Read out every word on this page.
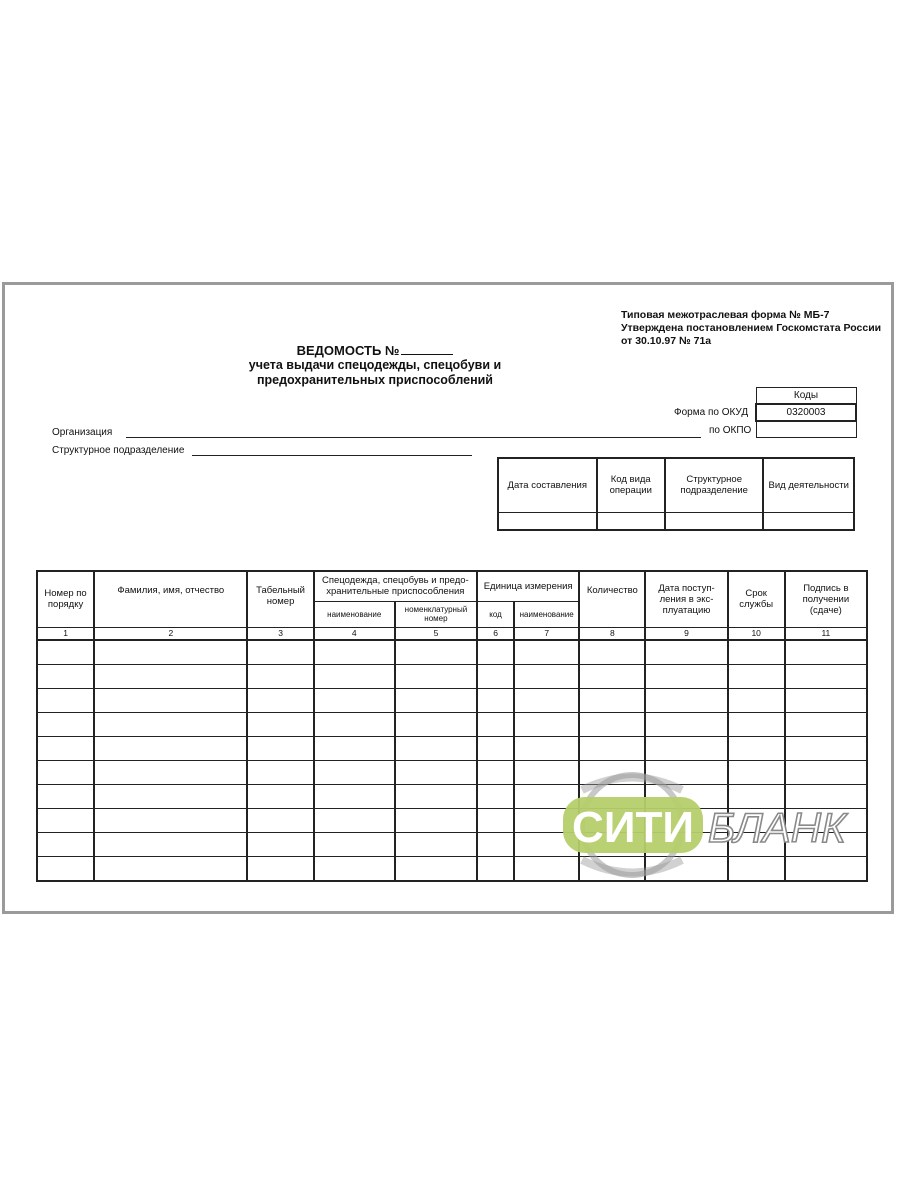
Типовая межотраслевая форма № МБ-7
Утверждена постановлением Госкомстата России
от 30.10.97 № 71а
ВЕДОМОСТЬ №
учета выдачи спецодежды, спецобуви и
предохранительных приспособлений
Форма по ОКУД
по ОКПО
Коды
0320003

Организация
Структурное подразделение
Дата составления	Код вида операции	Структурное подразделение	Вид деятельности

Номер по порядку	Фамилия, имя, отчество	Табельный номер	Спецодежда, спецобувь и предо- хранительные приспособления		Единица измерения		Количество	Дата поступ- ления в экс- плуатацию	Срок службы	Подпись в получении (сдаче)
			наименование	номенклатурный номер	код	наименование				
1	2	3	4	5	6	7	8	9	10	11

СИТИ БЛАНК
